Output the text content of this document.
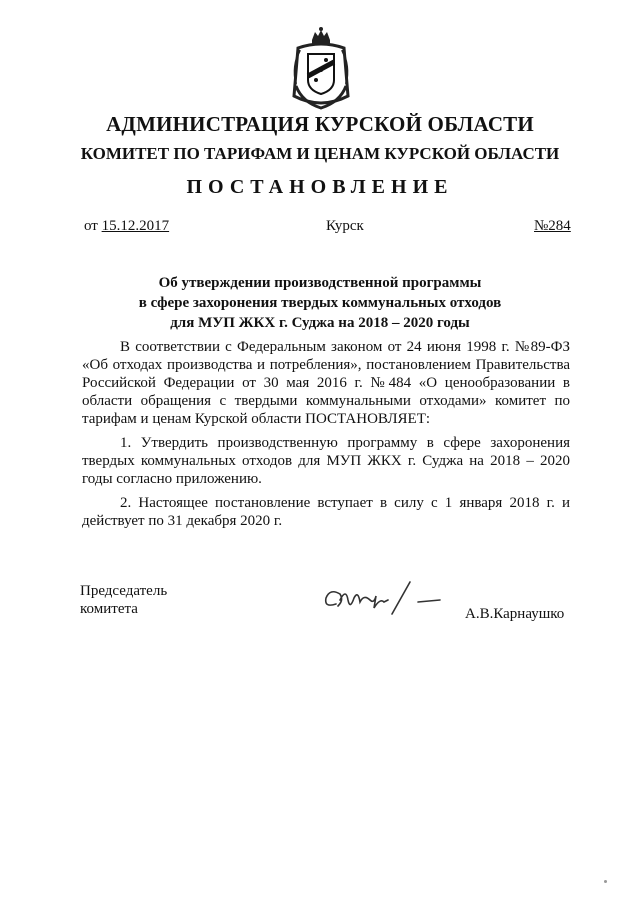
АДМИНИСТРАЦИЯ КУРСКОЙ ОБЛАСТИ
КОМИТЕТ ПО ТАРИФАМ И ЦЕНАМ КУРСКОЙ ОБЛАСТИ
ПОСТАНОВЛЕНИЕ
от 15.12.2017	Курск	№284
Об утверждении производственной программы
в сфере захоронения твердых коммунальных отходов
для МУП ЖКХ г. Суджа на 2018 – 2020 годы
В соответствии с Федеральным законом от 24 июня 1998 г. №89-ФЗ «Об отходах производства и потребления», постановлением Правительства Российской Федерации от 30 мая 2016 г. №484 «О ценообразовании в области обращения с твердыми коммунальными отходами» комитет по тарифам и ценам Курской области ПОСТАНОВЛЯЕТ:
1. Утвердить производственную программу в сфере захоронения твердых коммунальных отходов для МУП ЖКХ г. Суджа на 2018 – 2020 годы согласно приложению.
2. Настоящее постановление вступает в силу с 1 января 2018 г. и действует по 31 декабря 2020 г.
Председатель
комитета	А.В.Карнаушко
